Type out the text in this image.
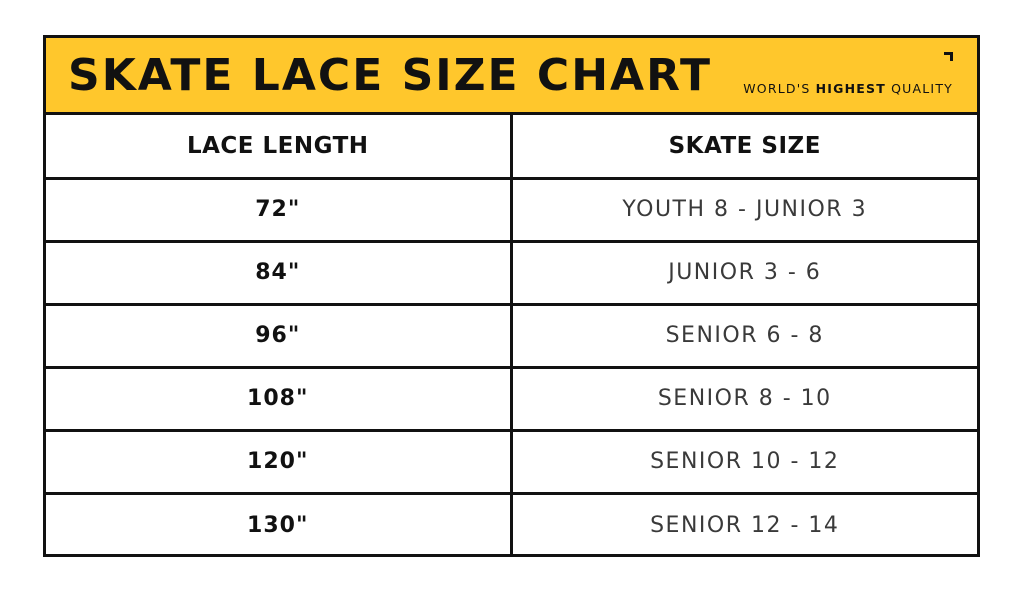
SKATE LACE SIZE CHART WORLD'S HIGHEST QUALITY
LACE LENGTH	SKATE SIZE
72"	YOUTH 8 - JUNIOR 3
84"	JUNIOR 3 - 6
96"	SENIOR 6 - 8
108"	SENIOR 8 - 10
120"	SENIOR 10 - 12
130"	SENIOR 12 - 14
